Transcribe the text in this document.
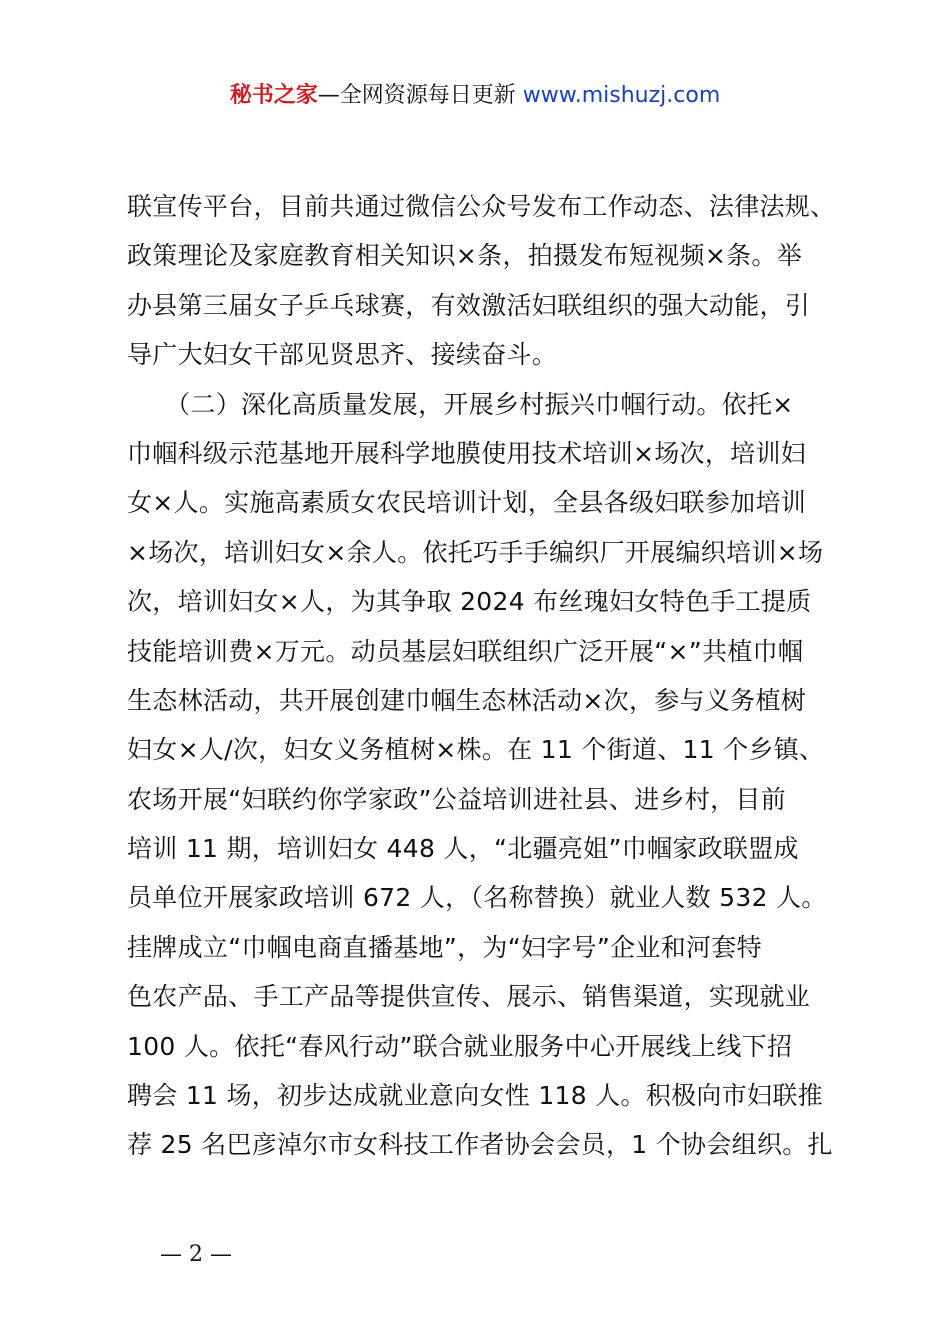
秘书之家—全网资源每日更新 www.mishuzj.com
联宣传平台，目前共通过微信公众号发布工作动态、法律法规、
政策理论及家庭教育相关知识×条，拍摄发布短视频×条。举
办县第三届女子乒乓球赛，有效激活妇联组织的强大动能，引
导广大妇女干部见贤思齐、接续奋斗。
　　（二）深化高质量发展，开展乡村振兴巾帼行动。依托×
巾帼科级示范基地开展科学地膜使用技术培训×场次，培训妇
女×人。实施高素质女农民培训计划，全县各级妇联参加培训
×场次，培训妇女×余人。依托巧手手编织厂开展编织培训×场
次，培训妇女×人，为其争取 2024 布丝瑰妇女特色手工提质
技能培训费×万元。动员基层妇联组织广泛开展“×”共植巾帼
生态林活动，共开展创建巾帼生态林活动×次，参与义务植树
妇女×人/次，妇女义务植树×株。在 11 个街道、11 个乡镇、
农场开展“妇联约你学家政”公益培训进社县、进乡村，目前
培训 11 期，培训妇女 448 人，“北疆亮姐”巾帼家政联盟成
员单位开展家政培训 672 人，（名称替换）就业人数 532 人。
挂牌成立“巾帼电商直播基地”，为“妇字号”企业和河套特
色农产品、手工产品等提供宣传、展示、销售渠道，实现就业
100 人。依托“春风行动”联合就业服务中心开展线上线下招
聘会 11 场，初步达成就业意向女性 118 人。积极向市妇联推
荐 25 名巴彦淖尔市女科技工作者协会会员，1 个协会组织。扎
— 2 —
